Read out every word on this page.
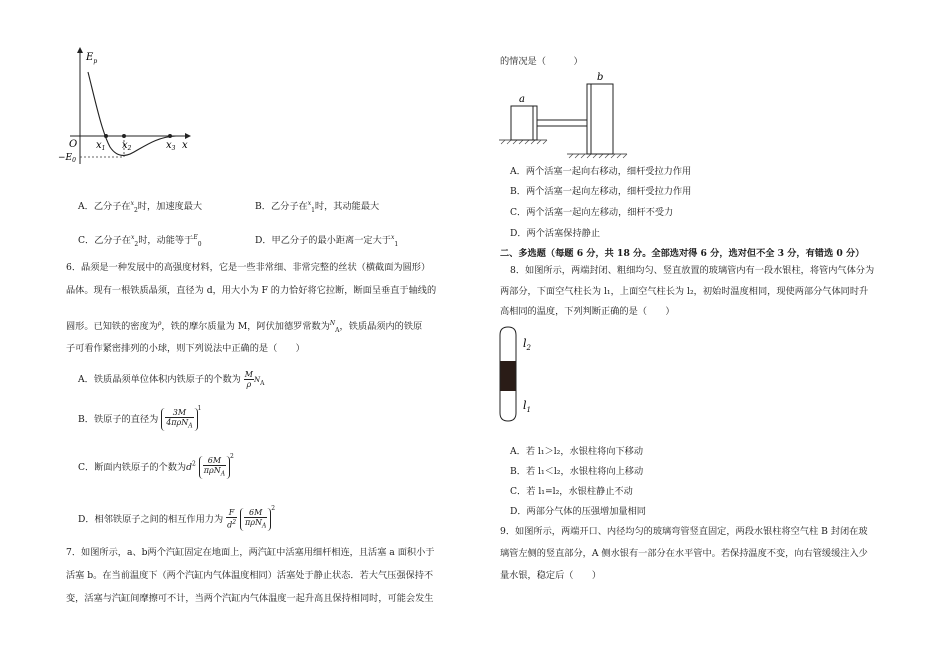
$E_p$
O $x_1$ $x_2$	$x_3$ x
$-E_0$
A．乙分子在$^x_2$时，加速度最大	B．乙分子在$^x_1$时，其动能最大
C．乙分子在$^x_2$时，动能等于$^E_0$	D．甲乙分子的最小距离一定大于$^x_1$
6．晶须是一种发展中的高强度材料，它是一些非常细、非常完整的丝状（横截面为圆形）
晶体。现有一根铁质晶须，直径为 d，用大小为 F 的力恰好将它拉断，断面呈垂直于轴线的
圆形。已知铁的密度为$^\rho$，铁的摩尔质量为 M，阿伏加德罗常数为$^N_A$，铁质晶须内的铁原
子可看作紧密排列的小球，则下列说法中正确的是（　　）
A．铁质晶须单位体积内铁原子的个数为 $\frac{M}{\rho} N_A$
B．铁原子的直径为 $\frac{3M}{4\pi\rho N_A} ^1$
C．断面内铁原子的个数为$d^2 \frac{6M}{\pi\rho N_A} ^2$
D．相邻铁原子之间的相互作用力为 $\frac{F}{d^2}$
$\frac{6M}{\pi\rho N_A} ^2$
7．如图所示，a、b两个汽缸固定在地面上，两汽缸中活塞用细杆相连，且活塞 a 面积小于
活塞 b。在当前温度下（两个汽缸内气体温度相同）活塞处于静止状态．若大气压强保持不
变，活塞与汽缸间摩擦可不计，当两个汽缸内气体温度一起升高且保持相同时，可能会发生
的情况是（　　　）
a
b
A．两个活塞一起向右移动，细杆受拉力作用
B．两个活塞一起向左移动，细杆受拉力作用
C．两个活塞一起向左移动，细杆不受力
D．两个活塞保持静止
二、多选题（每题 6 分，共 18 分。全部选对得 6 分，选对但不全 3 分，有错选 0 分）
8．如图所示，两端封闭、粗细均匀、竖直放置的玻璃管内有一段水银柱，将管内气体分为
两部分，下面空气柱长为 l₁，上面空气柱长为 l₂，初始时温度相同，现使两部分气体同时升
高相同的温度，下列判断正确的是（　　）
$l_2$
$l_1$
A．若 l₁＞l₂，水银柱将向下移动
B．若 l₁＜l₂，水银柱将向上移动
C．若 l₁=l₂，水银柱静止不动
D．两部分气体的压强增加量相同
9．如图所示，两端开口、内径均匀的玻璃弯管竖直固定，两段水银柱将空气柱 B 封闭在玻
璃管左侧的竖直部分，A 侧水银有一部分在水平管中。若保持温度不变，向右管缓缓注入少
量水银，稳定后（　　）
